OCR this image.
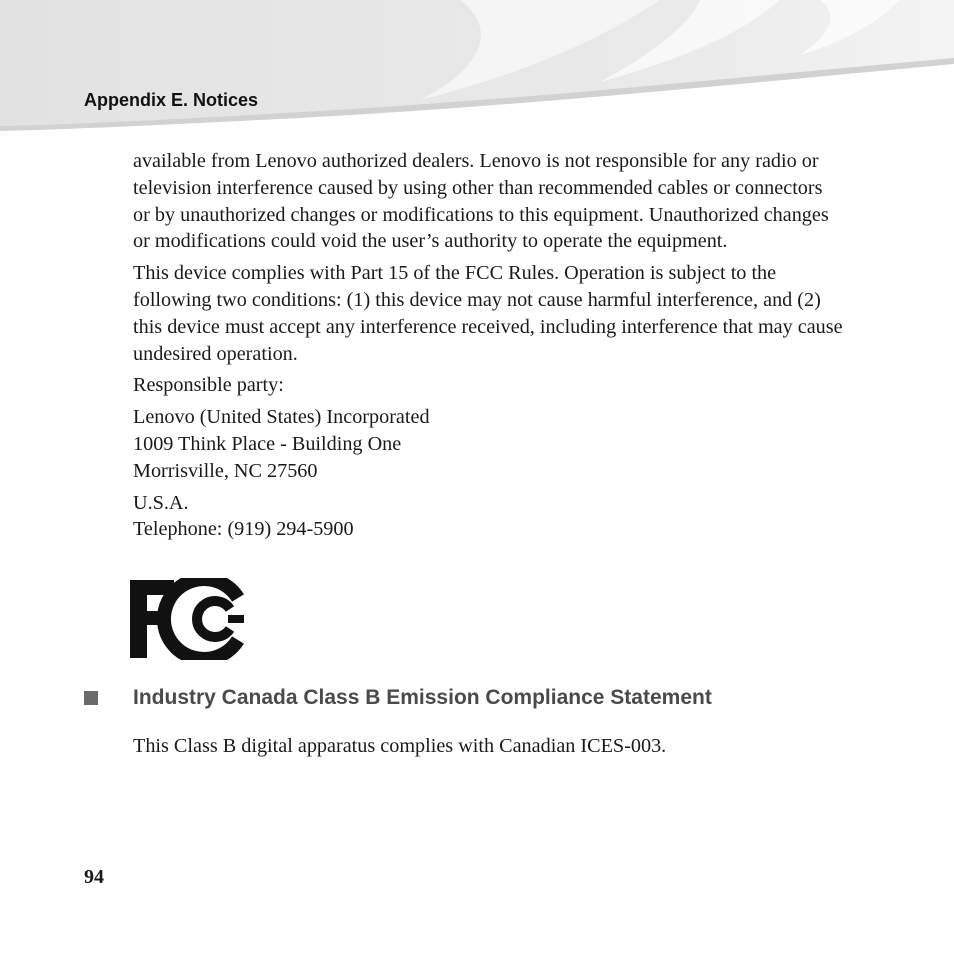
Appendix E. Notices

available from Lenovo authorized dealers. Lenovo is not responsible for any radio or television interference caused by using other than recommended cables or connectors or by unauthorized changes or modifications to this equipment. Unauthorized changes or modifications could void the user’s authority to operate the equipment.

This device complies with Part 15 of the FCC Rules. Operation is subject to the following two conditions: (1) this device may not cause harmful interference, and (2) this device must accept any interference received, including interference that may cause undesired operation.

Responsible party:

Lenovo (United States) Incorporated
1009 Think Place - Building One
Morrisville, NC 27560

U.S.A.
Telephone: (919) 294-5900

Industry Canada Class B Emission Compliance Statement

This Class B digital apparatus complies with Canadian ICES-003.

94
